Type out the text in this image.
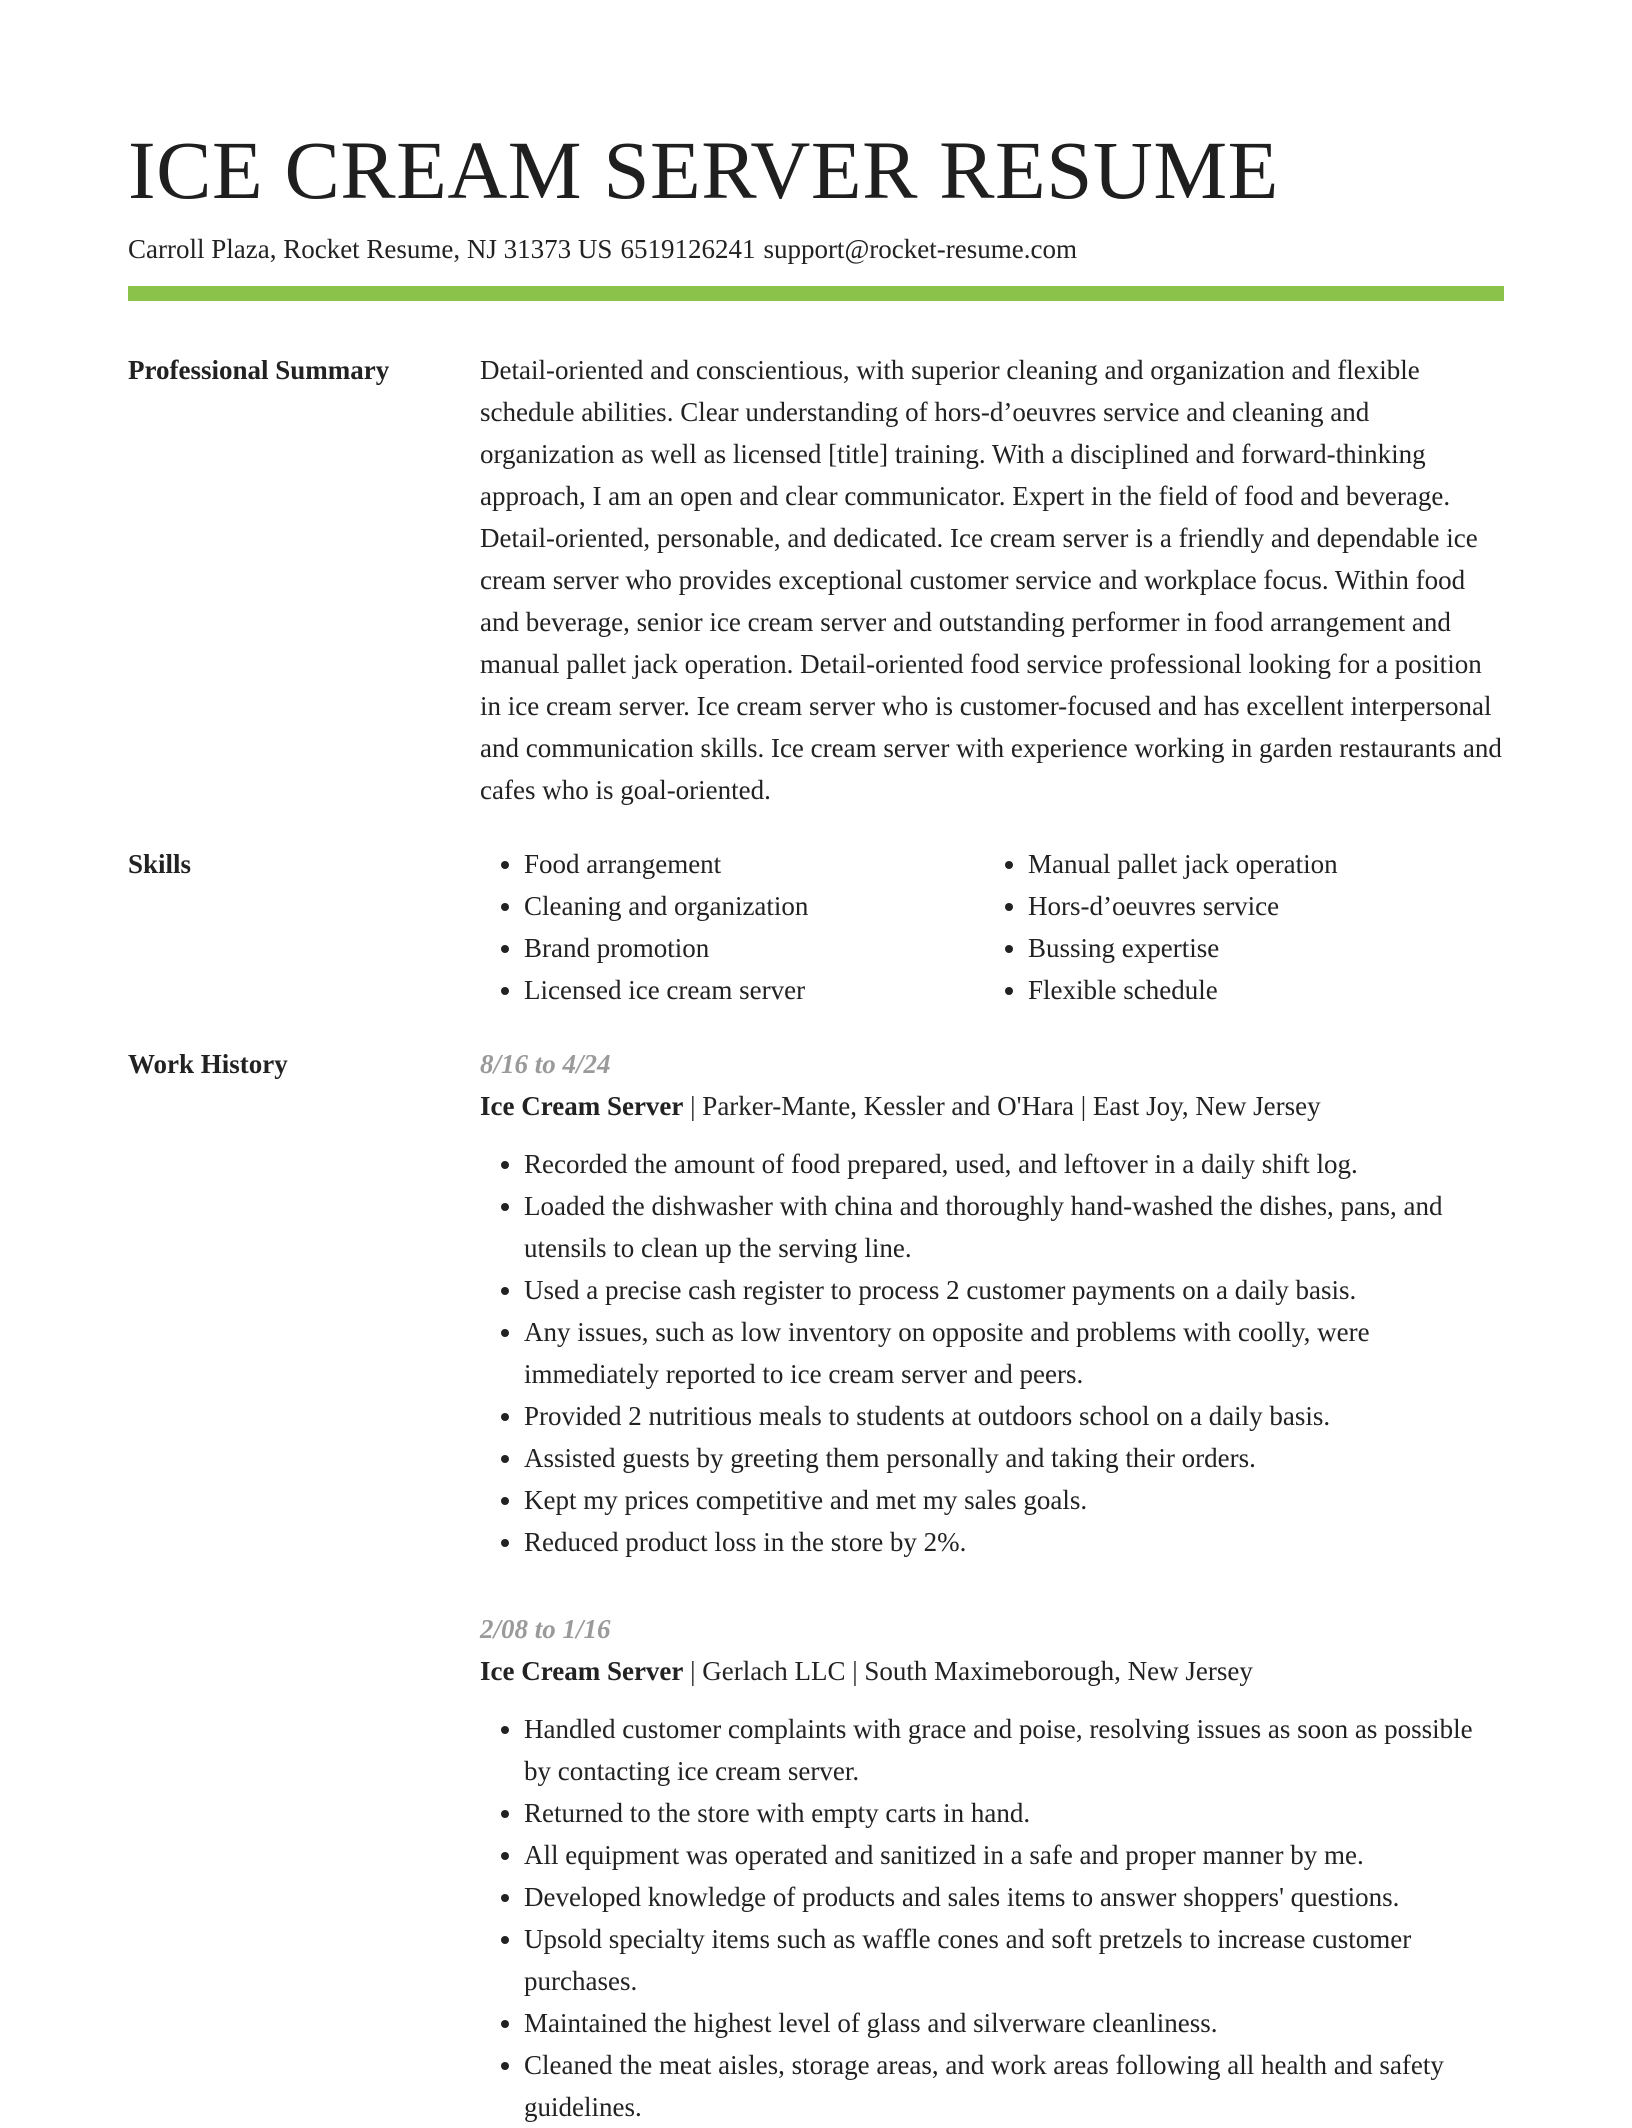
ICE CREAM SERVER RESUME
Carroll Plaza, Rocket Resume, NJ 31373 US 6519126241 support@rocket-resume.com
Professional Summary	Detail-oriented and conscientious, with superior cleaning and organization and flexible schedule abilities. Clear understanding of hors-d’oeuvres service and cleaning and organization as well as licensed [title] training. With a disciplined and forward-thinking approach, I am an open and clear communicator. Expert in the field of food and beverage. Detail-oriented, personable, and dedicated. Ice cream server is a friendly and dependable ice cream server who provides exceptional customer service and workplace focus. Within food and beverage, senior ice cream server and outstanding performer in food arrangement and manual pallet jack operation. Detail-oriented food service professional looking for a position in ice cream server. Ice cream server who is customer-focused and has excellent interpersonal and communication skills. Ice cream server with experience working in garden restaurants and cafes who is goal-oriented.

Skills
•	Food arrangement
• Cleaning and organization
• Brand promotion
• Licensed ice cream server
• Manual pallet jack operation
• Hors-d’oeuvres service
• Bussing expertise
• Flexible schedule
Work History	8/16 to 4/24
Ice Cream Server | Parker-Mante, Kessler and O'Hara | East Joy, New Jersey
• Recorded the amount of food prepared, used, and leftover in a daily shift log.
• Loaded the dishwasher with china and thoroughly hand-washed the dishes, pans, and utensils to clean up the serving line.
• Used a precise cash register to process 2 customer payments on a daily basis.
• Any issues, such as low inventory on opposite and problems with coolly, were immediately reported to ice cream server and peers.
• Provided 2 nutritious meals to students at outdoors school on a daily basis.
• Assisted guests by greeting them personally and taking their orders.
• Kept my prices competitive and met my sales goals.
• Reduced product loss in the store by 2%.
2/08 to 1/16
Ice Cream Server | Gerlach LLC | South Maximeborough, New Jersey
• Handled customer complaints with grace and poise, resolving issues as soon as possible by contacting ice cream server.
• Returned to the store with empty carts in hand.
• All equipment was operated and sanitized in a safe and proper manner by me.
• Developed knowledge of products and sales items to answer shoppers' questions.
• Upsold specialty items such as waffle cones and soft pretzels to increase customer purchases.
• Maintained the highest level of glass and silverware cleanliness.
• Cleaned the meat aisles, storage areas, and work areas following all health and safety guidelines.
